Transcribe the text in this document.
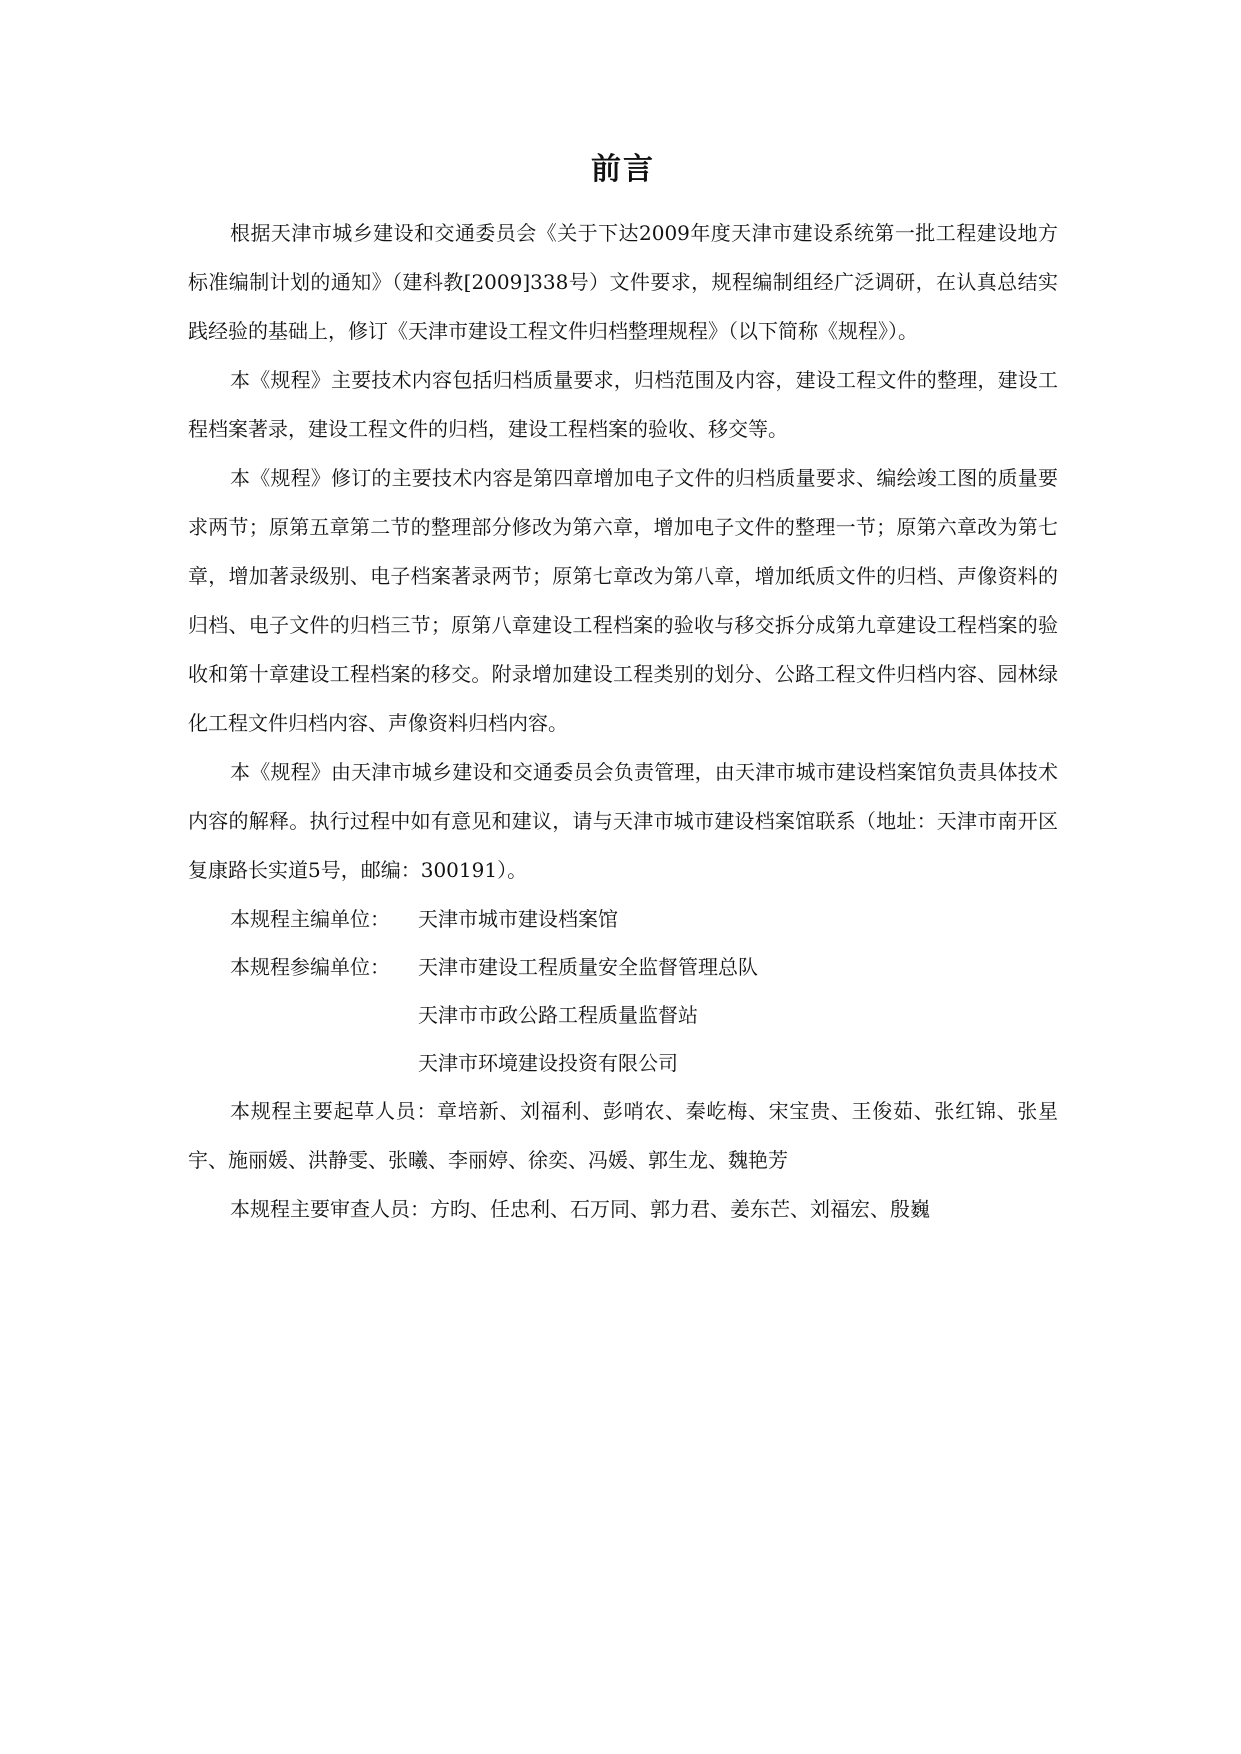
前言

根据天津市城乡建设和交通委员会《关于下达2009年度天津市建设系统第一批工程建设地方标准编制计划的通知》（建科教[2009]338号）文件要求，规程编制组经广泛调研，在认真总结实践经验的基础上，修订《天津市建设工程文件归档整理规程》（以下简称《规程》）。

本《规程》主要技术内容包括归档质量要求，归档范围及内容，建设工程文件的整理，建设工程档案著录，建设工程文件的归档，建设工程档案的验收、移交等。

本《规程》修订的主要技术内容是第四章增加电子文件的归档质量要求、编绘竣工图的质量要求两节；原第五章第二节的整理部分修改为第六章，增加电子文件的整理一节；原第六章改为第七章，增加著录级别、电子档案著录两节；原第七章改为第八章，增加纸质文件的归档、声像资料的归档、电子文件的归档三节；原第八章建设工程档案的验收与移交拆分成第九章建设工程档案的验收和第十章建设工程档案的移交。附录增加建设工程类别的划分、公路工程文件归档内容、园林绿化工程文件归档内容、声像资料归档内容。

本《规程》由天津市城乡建设和交通委员会负责管理，由天津市城市建设档案馆负责具体技术内容的解释。执行过程中如有意见和建议，请与天津市城市建设档案馆联系（地址：天津市南开区复康路长实道5号，邮编：300191）。

本规程主编单位：	天津市城市建设档案馆
本规程参编单位：	天津市建设工程质量安全监督管理总队
天津市市政公路工程质量监督站
天津市环境建设投资有限公司

本规程主要起草人员：章培新、刘福利、彭哨农、秦屹梅、宋宝贵、王俊茹、张红锦、张星宇、施丽媛、洪静雯、张曦、李丽婷、徐奕、冯媛、郭生龙、魏艳芳

本规程主要审查人员：方昀、任忠利、石万同、郭力君、姜东芒、刘福宏、殷巍
